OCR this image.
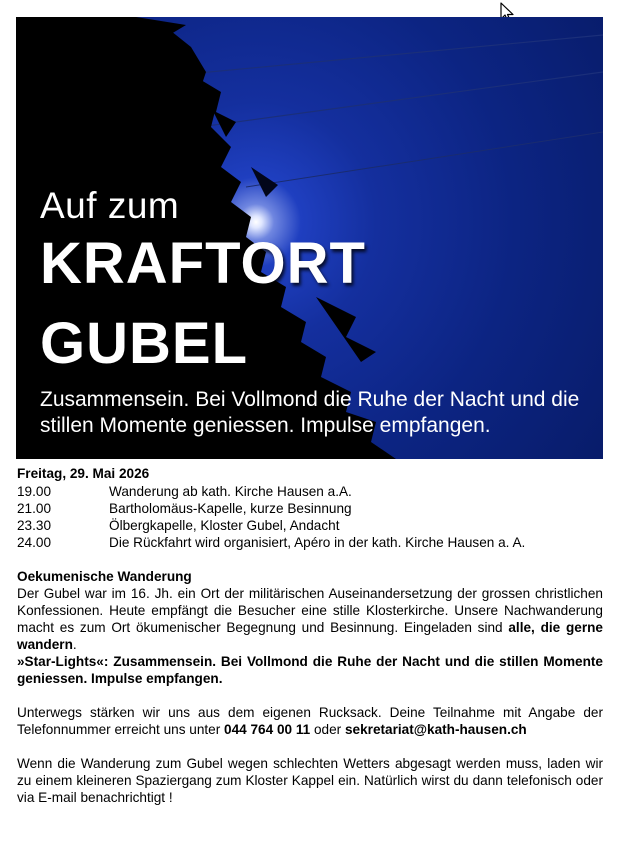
Auf zum
KRAFTORT
GUBEL
Zusammensein. Bei Vollmond die Ruhe der Nacht und die stillen Momente geniessen. Impulse empfangen.
Freitag, 29. Mai 2026
19.00	Wanderung ab kath. Kirche Hausen a.A.
21.00	Bartholomäus-Kapelle, kurze Besinnung
23.30	Ölbergkapelle, Kloster Gubel, Andacht
24.00	Die Rückfahrt wird organisiert, Apéro in der kath. Kirche Hausen a. A.
Oekumenische Wanderung
Der Gubel war im 16. Jh. ein Ort der militärischen Auseinandersetzung der grossen christlichen Konfessionen. Heute empfängt die Besucher eine stille Klosterkirche. Unsere Nachwanderung macht es zum Ort ökumenischer Begegnung und Besinnung. Eingeladen sind alle, die gerne wandern.
»Star-Lights«: Zusammensein. Bei Vollmond die Ruhe der Nacht und die stillen Momente geniessen. Impulse empfangen.
Unterwegs stärken wir uns aus dem eigenen Rucksack. Deine Teilnahme mit Angabe der Telefonnummer erreicht uns unter 044 764 00 11 oder sekretariat@kath-hausen.ch
Wenn die Wanderung zum Gubel wegen schlechten Wetters abgesagt werden muss, laden wir zu einem kleineren Spaziergang zum Kloster Kappel ein. Natürlich wirst du dann telefonisch oder via E-mail benachrichtigt !
